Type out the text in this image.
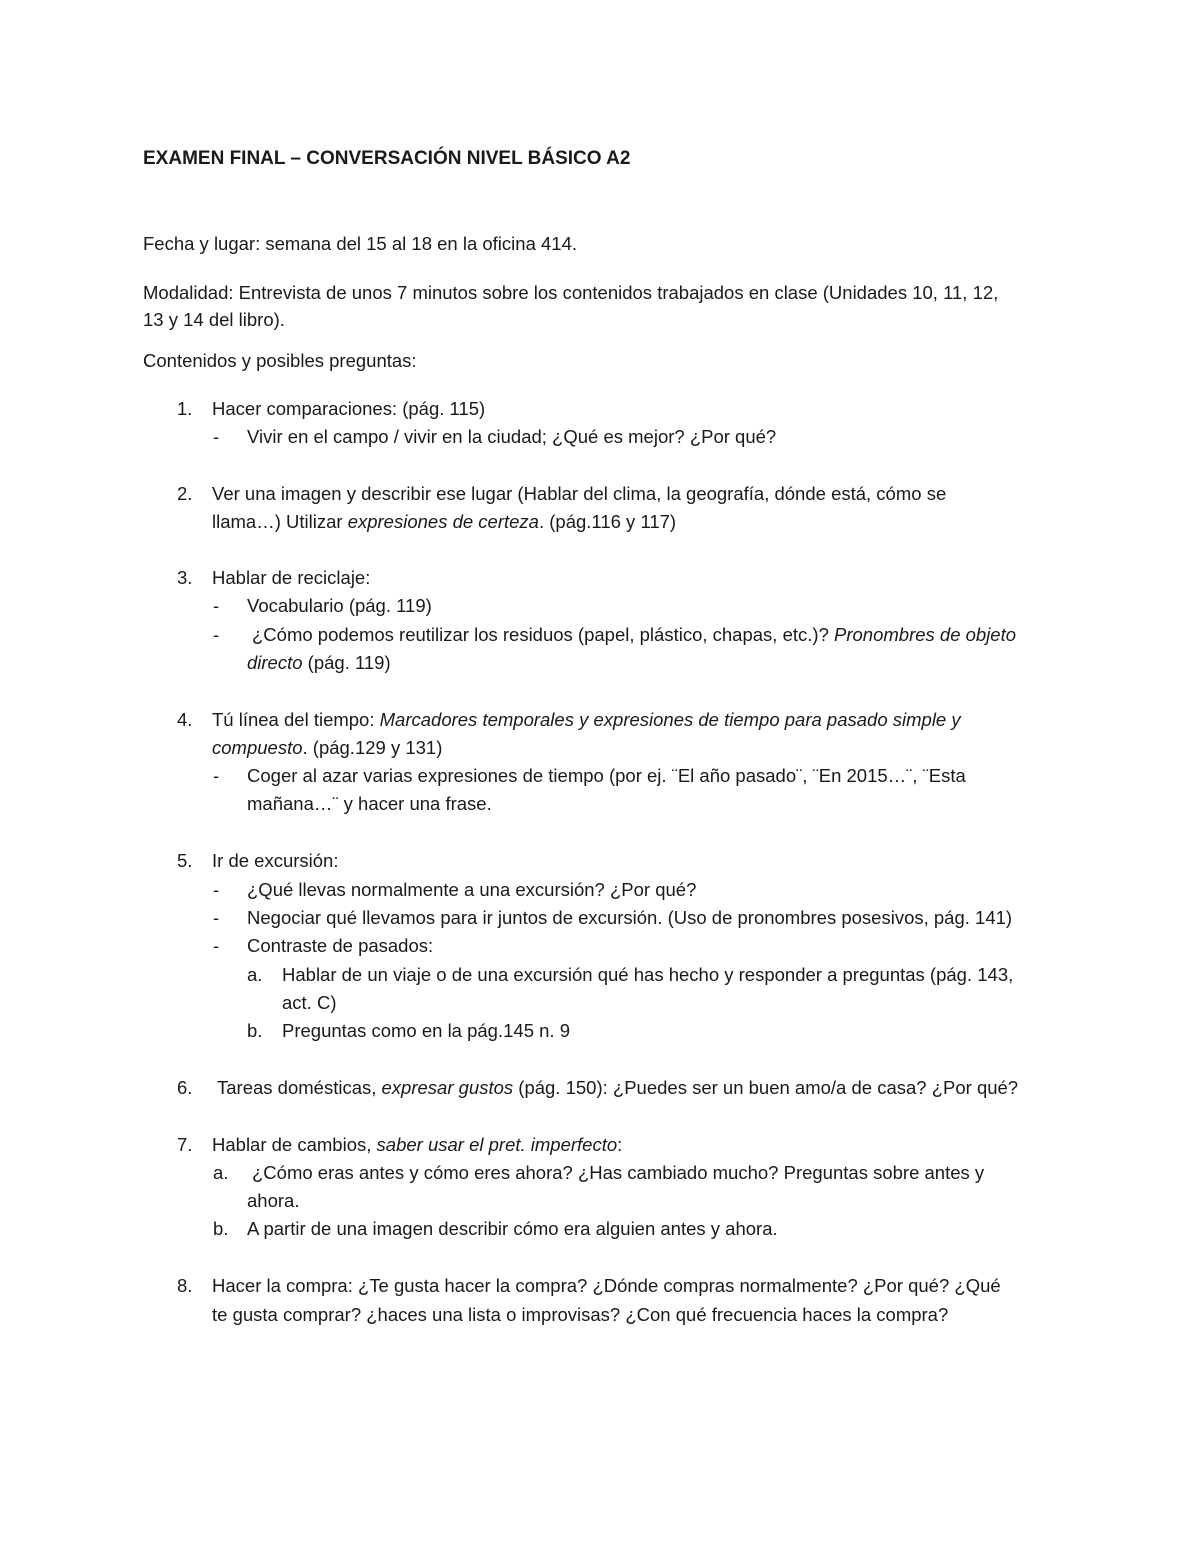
EXAMEN FINAL – CONVERSACIÓN NIVEL BÁSICO A2
Fecha y lugar: semana del 15 al 18 en la oficina 414.
Modalidad: Entrevista de unos 7 minutos sobre los contenidos trabajados en clase (Unidades 10, 11, 12,
13 y 14 del libro).
Contenidos y posibles preguntas:
1. Hacer comparaciones: (pág. 115)
- Vivir en el campo / vivir en la ciudad; ¿Qué es mejor? ¿Por qué?
2. Ver una imagen y describir ese lugar (Hablar del clima, la geografía, dónde está, cómo se
llama…) Utilizar expresiones de certeza. (pág.116 y 117)
3. Hablar de reciclaje:
- Vocabulario (pág. 119)
- ¿Cómo podemos reutilizar los residuos (papel, plástico, chapas, etc.)? Pronombres de objeto
directo (pág. 119)
4. Tú línea del tiempo: Marcadores temporales y expresiones de tiempo para pasado simple y
compuesto. (pág.129 y 131)
- Coger al azar varias expresiones de tiempo (por ej. ¨El año pasado¨, ¨En 2015…¨, ¨Esta
mañana…¨ y hacer una frase.
5. Ir de excursión:
- ¿Qué llevas normalmente a una excursión? ¿Por qué?
- Negociar qué llevamos para ir juntos de excursión. (Uso de pronombres posesivos, pág. 141)
- Contraste de pasados:
a. Hablar de un viaje o de una excursión qué has hecho y responder a preguntas (pág. 143,
act. C)
b. Preguntas como en la pág.145 n. 9
6. Tareas domésticas, expresar gustos (pág. 150): ¿Puedes ser un buen amo/a de casa? ¿Por qué?
7. Hablar de cambios, saber usar el pret. imperfecto:
a. ¿Cómo eras antes y cómo eres ahora? ¿Has cambiado mucho? Preguntas sobre antes y
ahora.
b. A partir de una imagen describir cómo era alguien antes y ahora.
8. Hacer la compra: ¿Te gusta hacer la compra? ¿Dónde compras normalmente? ¿Por qué? ¿Qué
te gusta comprar? ¿haces una lista o improvisas? ¿Con qué frecuencia haces la compra?
